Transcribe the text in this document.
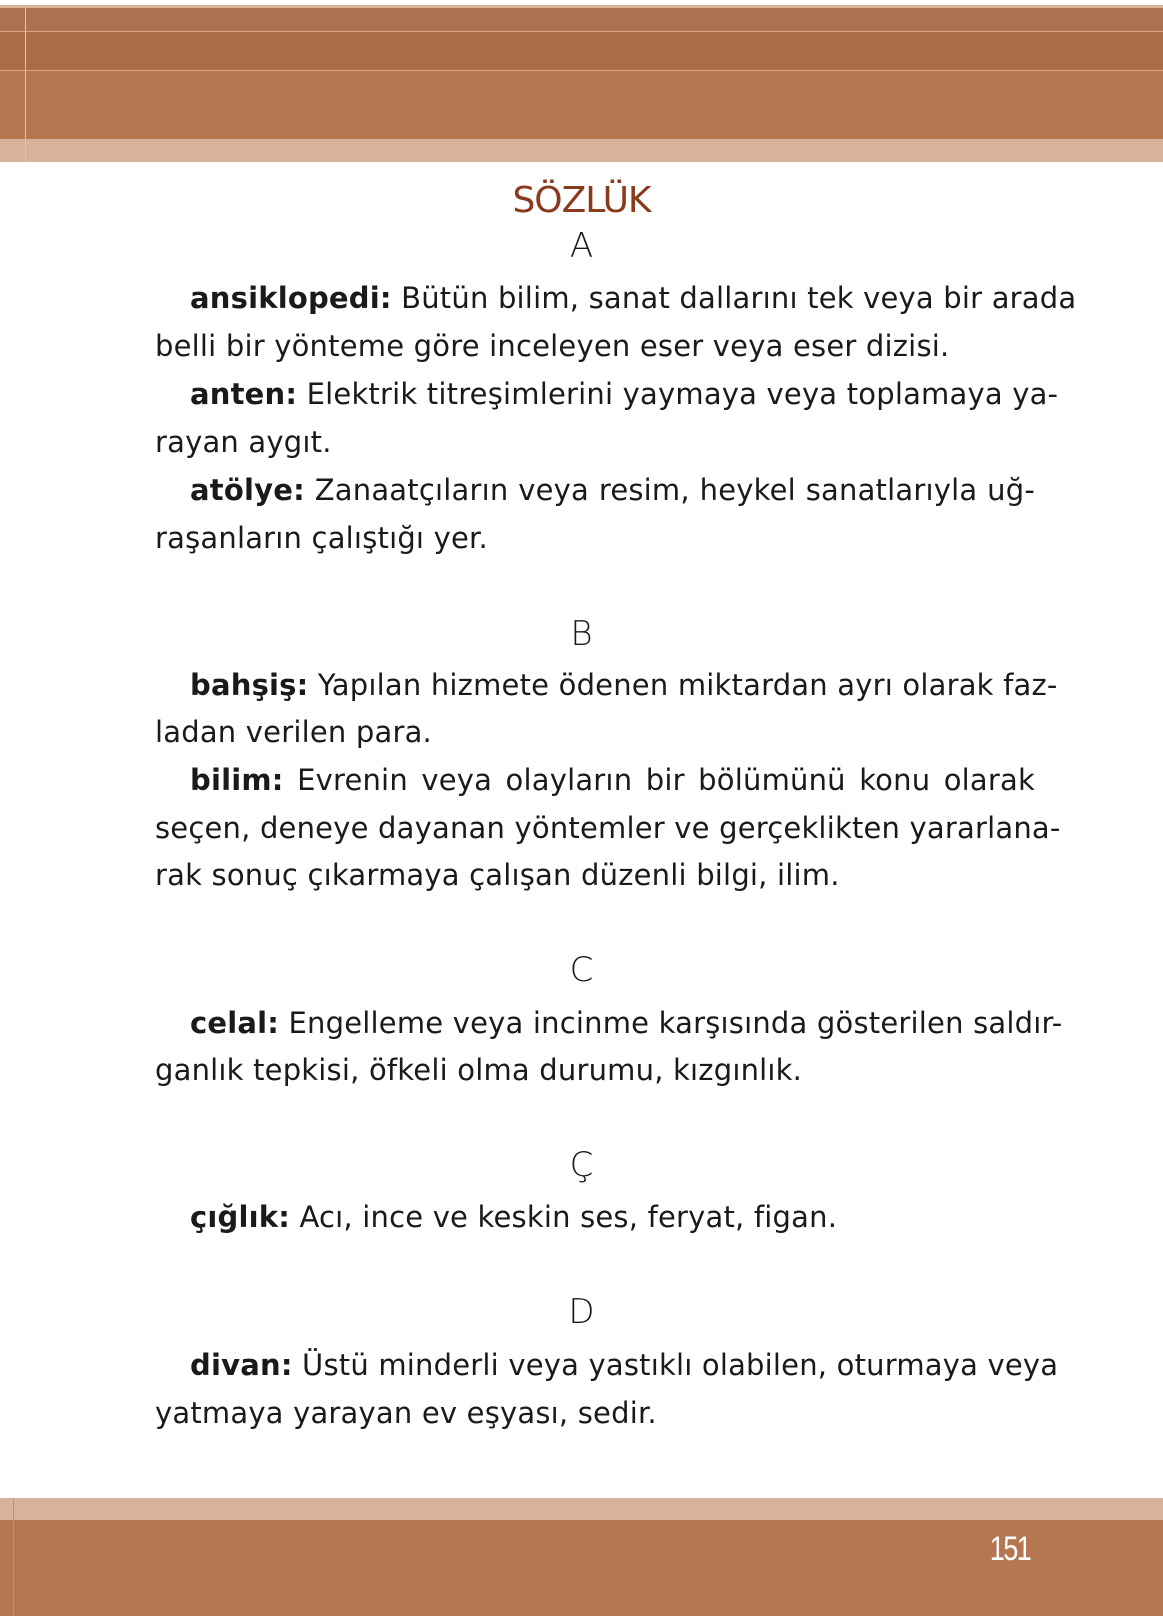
SÖZLÜK
A
ansiklopedi: Bütün bilim, sanat dallarını tek veya bir arada
belli bir yönteme göre inceleyen eser veya eser dizisi.
anten: Elektrik titreşimlerini yaymaya veya toplamaya ya-
rayan aygıt.
atölye: Zanaatçıların veya resim, heykel sanatlarıyla uğ-
raşanların çalıştığı yer.
B
bahşiş: Yapılan hizmete ödenen miktardan ayrı olarak faz-
ladan verilen para.
bilim: Evrenin veya olayların bir bölümünü konu olarak
seçen, deneye dayanan yöntemler ve gerçeklikten yararlana-
rak sonuç çıkarmaya çalışan düzenli bilgi, ilim.
C
celal: Engelleme veya incinme karşısında gösterilen saldır-
ganlık tepkisi, öfkeli olma durumu, kızgınlık.
Ç
çığlık: Acı, ince ve keskin ses, feryat, figan.
D
divan: Üstü minderli veya yastıklı olabilen, oturmaya veya
yatmaya yarayan ev eşyası, sedir.
151
